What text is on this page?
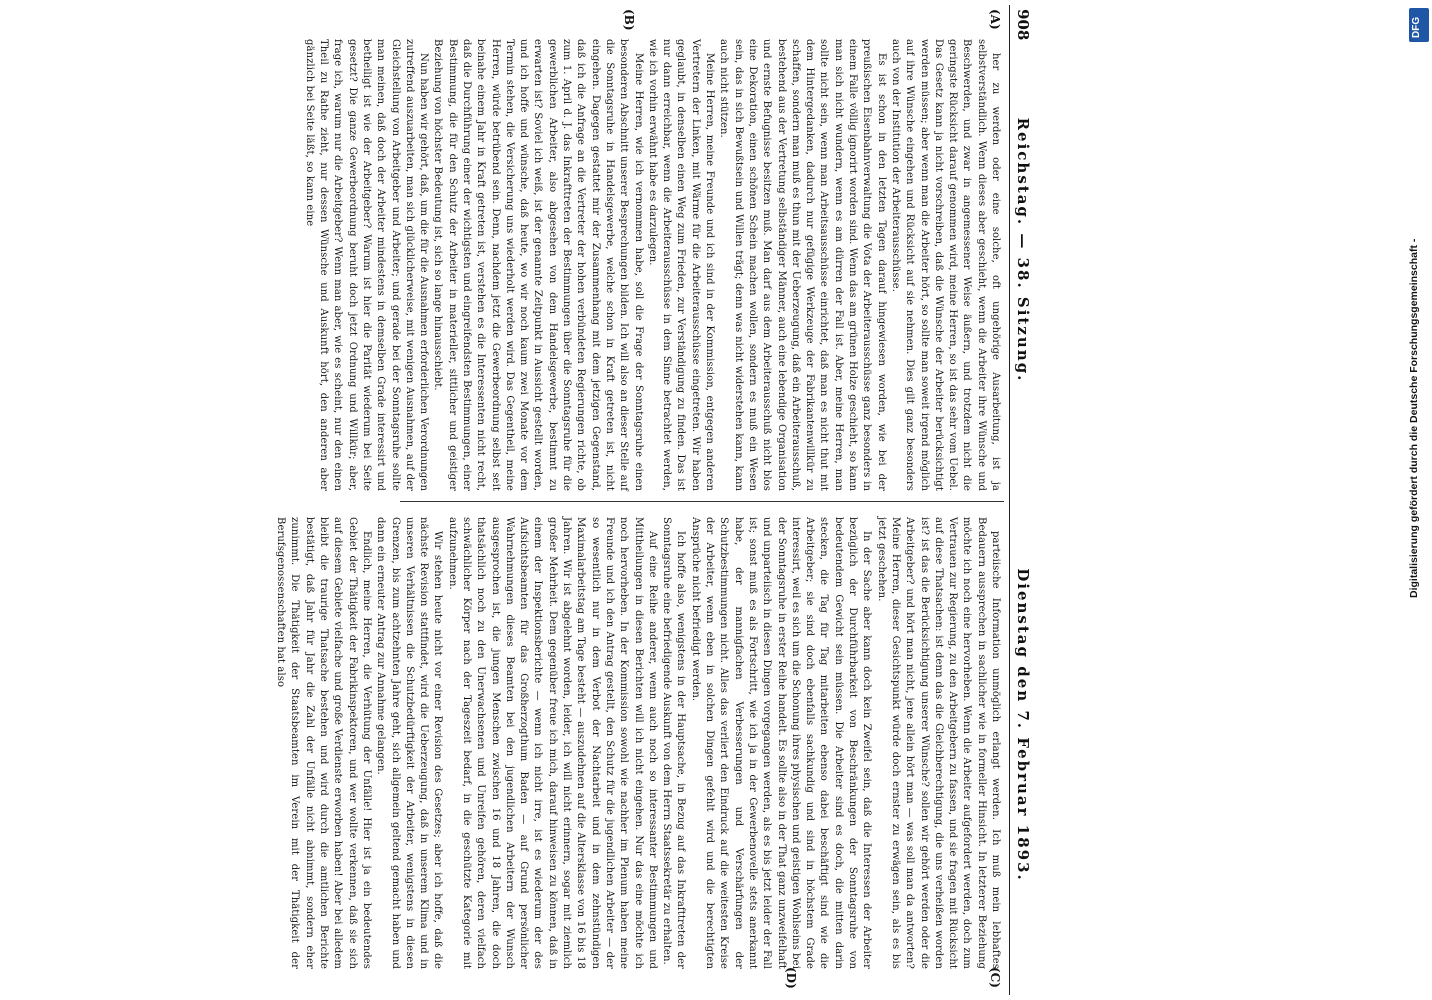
908
Reichstag. — 38. Sitzung.
Dienstag den 7. Februar 1893.
(A)
(B)
(C)
(D)

her zu werden oder eine solche, oft ungehörige Ausarbeitung, ist ja selbstverständlich. Wenn dieses aber geschieht, wenn die Arbeiter ihre Wünsche und Beschwerden, und zwar in angemessener Weise äußern, und trotzdem nicht die geringste Rücksicht darauf genommen wird, meine Herren, so ist das sehr vom Uebel. Das Gesetz kann ja nicht vorschreiben, daß die Wünsche der Arbeiter berücksichtigt werden müssen; aber wenn man die Arbeiter hört, so sollte man soweit irgend möglich auf ihre Wünsche eingehen und Rücksicht auf sie nehmen. Dies gilt ganz besonders auch von der Institution der Arbeiterausschüsse.

Es ist schon in den letzten Tagen darauf hingewiesen worden, wie bei der preußischen Eisenbahnverwaltung die Vota der Arbeiterausschüsse ganz besonders in einem Falle völlig ignorirt worden sind. Wenn das am grünen Holze geschieht, so kann man sich nicht wundern, wenn es am dürren der Fall ist. Aber, meine Herren, man sollte nicht sein, wenn man Arbeitsausschüsse einrichtet, daß man es nicht thut mit dem Hintergedanken, dadurch nur gefügige Werkzeuge der Fabrikantenwillkür zu schaffen, sondern man muß es thun mit der Ueberzeugung, daß ein Arbeiterausschuß, bestehend aus der Vertretung selbständiger Männer, auch eine lebendige Organisation und ernste Befugnisse besitzen muß. Man darf aus dem Arbeiterausschuß nicht blos eine Dekoration, einen schönen Schein machen wollen, sondern es muß ein Wesen sein, das in sich Bewußtsein und Willen trägt; denn was nicht widerstehen kann, kann auch nicht stützen.

Meine Herren, meine Freunde und ich sind in der Kommission, entgegen anderen Vertretern der Linken, mit Wärme für die Arbeiterausschüsse eingetreten. Wir haben geglaubt, in denselben einen Weg zum Frieden, zur Verständigung zu finden. Das ist nur dann erreichbar, wenn die Arbeiterausschüsse in dem Sinne betrachtet werden, wie ich vorhin erwähnt habe es darzulegen.

Meine Herren, wie ich vernommen habe, soll die Frage der Sonntagsruhe einen besonderen Abschnitt unserer Besprechungen bilden. Ich will also an dieser Stelle auf die Sonntagsruhe in Handelsgewerbe, welche schon in Kraft getreten ist, nicht eingehen. Dagegen gestattet mir der Zusammenhang mit dem jetzigen Gegenstand, daß ich die Anfrage an die Vertreter der hohen verbündeten Regierungen richte, ob zum 1. April d. J. das Inkrafttreten der Bestimmungen über die Sonntagsruhe für die gewerblichen Arbeiter, also abgesehen von dem Handelsgewerbe, bestimmt zu erwarten ist? Soviel ich weiß, ist der genannte Zeitpunkt in Aussicht gestellt worden, und ich hoffe und wünsche, daß heute, wo wir noch kaum zwei Monate vor dem Termin stehen, die Versicherung uns wiederholt werden wird. Das Gegentheil, meine Herren, würde betrübend sein. Denn, nachdem jetzt die Gewerbeordnung selbst seit beinahe einem Jahr in Kraft getreten ist, verstehen es die Interessenten nicht recht, daß die Durchführung einer der wichtigsten und eingreifendsten Bestimmungen, einer Bestimmung, die für den Schutz der Arbeiter in materieller, sittlicher und geistiger Beziehung von höchster Bedeutung ist, sich so lange hinausschiebt.

Nun haben wir gehört, daß, um die für die Ausnahmen erforderlichen Verordnungen zutreffend auszuarbeiten, man sich glücklicherweise, mit wenigen Ausnahmen, auf der Gleichstellung von Arbeitgeber und Arbeiter; und gerade bei der Sonntagsruhe sollte man meinen, daß doch der Arbeiter mindestens in demselben Grade interessirt und betheiligt ist wie der Arbeitgeber? Warum ist hier die Parität wiederum bei Seite gesetzt? Die ganze Gewerbeordnung beruht doch jetzt Ordnung und Willkür; aber, frage ich, warum nur die Arbeitgeber? Wenn man aber, wie es scheint, nur den einen Theil zu Rathe zieht, nur dessen Wünsche und Auskunft hört, den anderen aber gänzlich bei Seite läßt, so kann eine

parteiische Information unmöglich erlangt werden. Ich muß mein lebhaftes Bedauern aussprechen in sachlicher wie in formeller Hinsicht. In letzterer Beziehung möchte ich noch eine hervorheben. Wenn die Arbeiter aufgefordert werden, doch zum Vertrauen zur Regierung, zu den Arbeitgebern zu fassen, und sie fragen mit Rücksicht auf diese Thatsachen: ist denn das die Gleichberechtigung, die uns verheißen worden ist? ist das die Berücksichtigung unserer Wünsche? sollen wir gehört werden oder die Arbeitgeber? und hört man nicht, jene allein hört man — was soll man da antworten? Meine Herren, dieser Gesichtspunkt würde doch ernster zu erwägen sein, als es bis jetzt geschehen.

In der Sache aber kann doch kein Zweifel sein, daß die Interessen der Arbeiter bezüglich der Durchführbarkeit von Beschränkungen der Sonntagsruhe von bedeutendem Gewicht sein müssen. Die Arbeiter sind es doch, die mitten darin stecken, die Tag für Tag mitarbeiten ebenso dabei beschäftigt sind wie die Arbeitgeber; sie sind doch ebenfalls sachkundig und sind in höchstem Grade interessirt, weil es sich um die Schonung ihres physischen und geistigen Wohlseins bei der Sonntagsruhe in erster Reihe handelt. Es sollte also in der That ganz unzweifelhaft und unparteiisch in diesen Dingen vorgegangen werden, als es bis jetzt leider der Fall ist; sonst muß es als Fortschritt, wie ich ja in der Gewerbenovelle stets anerkannt habe, der mannigfachen Verbesserungen und Verschärfungen der Schutzbestimmungen nicht. Alles das verliert den Eindruck auf die weitesten Kreise der Arbeiter, wenn eben in solchen Dingen gefehlt wird und die berechtigten Ansprüche nicht befriedigt werden.

Ich hoffe also, wenigstens in der Hauptsache, in Bezug auf das Inkrafttreten der Sonntagsruhe eine befriedigende Auskunft von dem Herrn Staatssekretär zu erhalten.

Auf eine Reihe anderer, wenn auch noch so interessanter Bestimmungen und Mittheilungen in diesen Berichten will ich nicht eingehen. Nur das eine möchte ich noch hervorheben. In der Kommission sowohl wie nachher im Plenum haben meine Freunde und ich den Antrag gestellt, den Schutz für die jugendlichen Arbeiter — der so wesentlich nur in dem Verbot der Nachtarbeit und in dem zehnstündigen Maximalarbeitstag am Tage besteht — auszudehnen auf die Altersklasse von 16 bis 18 Jahren. Wir ist abgelehnt worden, leider, ich will nicht erinnern, sogar mit ziemlich großer Mehrheit. Dem gegenüber freue ich mich, darauf hinweisen zu können, daß in einem der Inspektionsberichte — wenn ich nicht irre, ist es wiederum der des Aufsichtsbeamten für das Großherzogthum Baden — auf Grund persönlicher Wahrnehmungen dieses Beamten bei den jugendlichen Arbeitern der Wunsch ausgesprochen ist, die jungen Menschen zwischen 16 und 18 Jahren, die doch thatsächlich noch zu den Unerwachsenen und Unreifen gehören, deren vielfach schwächlicher Körper nach der Tageszeit bedarf, in die geschützte Kategorie mit aufzunehmen.

Wir stehen heute nicht vor einer Revision des Gesetzes; aber ich hoffe, daß die nächste Revision stattfindet, wird die Ueberzeugung, daß in unserem Klima und in unseren Verhältnissen die Schutzbedürftigkeit der Arbeiter, wenigstens in diesen Grenzen, bis zum achtzehnten Jahre geht, sich allgemein geltend gemacht haben und dann ein erneuter Antrag zur Annahme gelangen.

Endlich, meine Herren, die Verhütung der Unfälle! Hier ist ja ein bedeutendes Gebiet der Thätigkeit der Fabrikinspektoren, und wer wollte verkennen, daß sie sich auf diesem Gebiete vielfache und große Verdienste erworben haben! Aber bei alledem bleibt die traurige Thatsache bestehen und wird durch die amtlichen Berichte bestätigt, daß Jahr für Jahr die Zahl der Unfälle nicht abnimmt, sondern eher zunimmt. Die Thätigkeit der Staatsbeamten im Verein mit der Thätigkeit der Berufsgenossenschaften hat also

DFG
Digitalisierung gefördert durch die Deutsche Forschungsgemeinschaft -
